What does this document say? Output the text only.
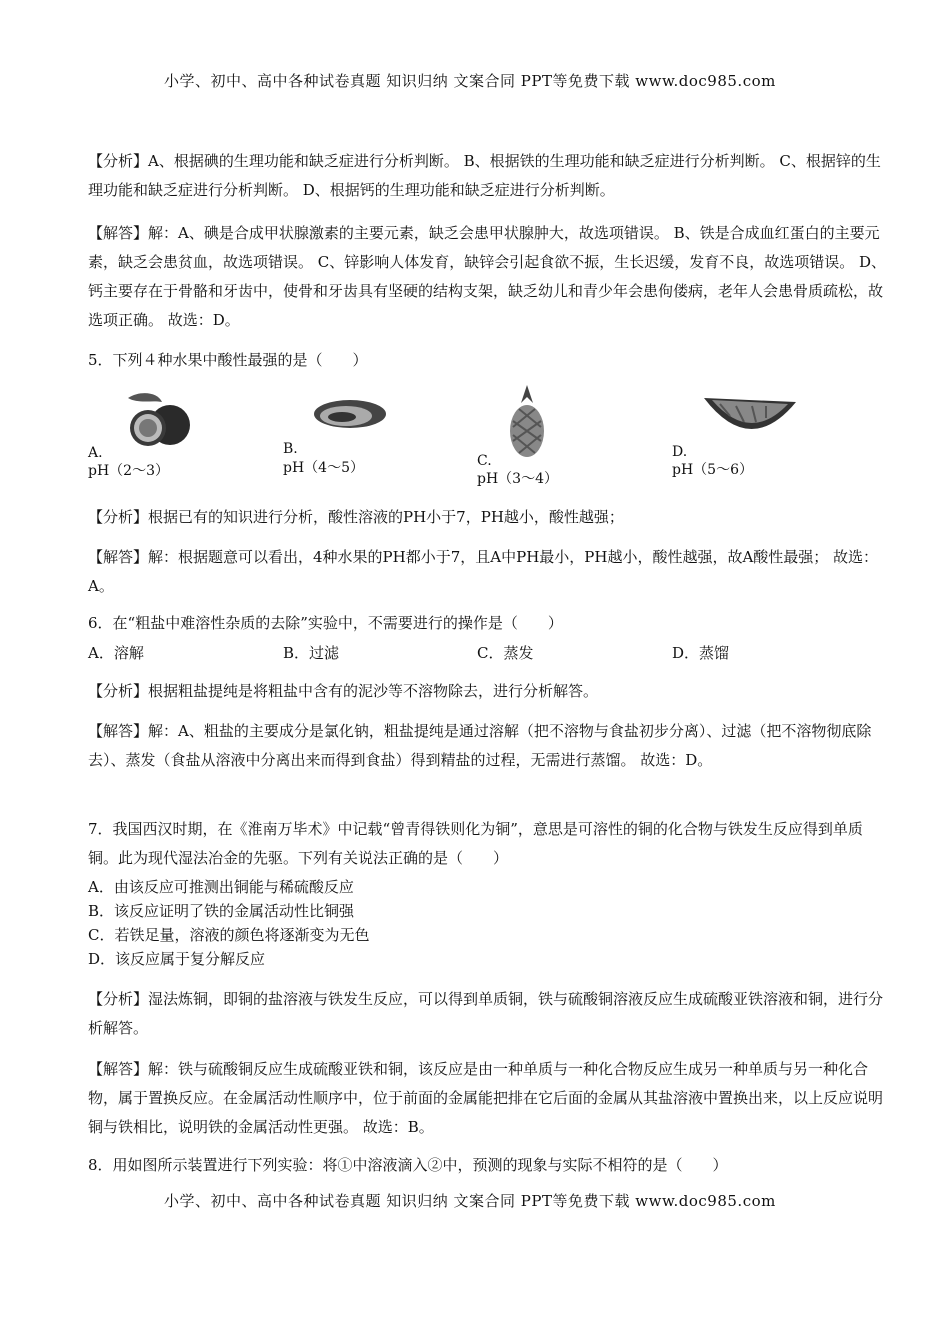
小学、初中、高中各种试卷真题 知识归纳 文案合同 PPT等免费下载 www.doc985.com
小学、初中、高中各种试卷真题 知识归纳 文案合同 PPT等免费下载 www.doc985.com
【分析】A、根据碘的生理功能和缺乏症进行分析判断。 B、根据铁的生理功能和缺乏症进行分析判断。 C、根据锌的生理功能和缺乏症进行分析判断。 D、根据钙的生理功能和缺乏症进行分析判断。
【解答】解：A、碘是合成甲状腺激素的主要元素，缺乏会患甲状腺肿大，故选项错误。 B、铁是合成血红蛋白的主要元素，缺乏会患贫血，故选项错误。 C、锌影响人体发育，缺锌会引起食欲不振，生长迟缓，发育不良，故选项错误。 D、钙主要存在于骨骼和牙齿中，使骨和牙齿具有坚硬的结构支架，缺乏幼儿和青少年会患佝偻病，老年人会患骨质疏松，故选项正确。 故选：D。
5．下列４种水果中酸性最强的是（　　）
A.
pH（2～3）
B.
pH（4～5）	C.
pH（3～4）
D.
pH（5～6）
【分析】根据已有的知识进行分析，酸性溶液的PH小于7，PH越小，酸性越强；
【解答】解：根据题意可以看出，4种水果的PH都小于7，且A中PH最小，PH越小，酸性越强，故A酸性最强； 故选：A。
6．在“粗盐中难溶性杂质的去除”实验中，不需要进行的操作是（　　）
A．溶解	B．过滤	C．蒸发	D．蒸馏
【分析】根据粗盐提纯是将粗盐中含有的泥沙等不溶物除去，进行分析解答。
【解答】解：A、粗盐的主要成分是氯化钠，粗盐提纯是通过溶解（把不溶物与食盐初步分离）、过滤（把不溶物彻底除去）、蒸发（食盐从溶液中分离出来而得到食盐）得到精盐的过程，无需进行蒸馏。 故选：D。
7．我国西汉时期，在《淮南万毕术》中记载“曾青得铁则化为铜”，意思是可溶性的铜的化合物与铁发生反应得到单质铜。此为现代湿法冶金的先驱。下列有关说法正确的是（　　）
A．由该反应可推测出铜能与稀硫酸反应
B．该反应证明了铁的金属活动性比铜强
C．若铁足量，溶液的颜色将逐渐变为无色
D．该反应属于复分解反应
【分析】湿法炼铜，即铜的盐溶液与铁发生反应，可以得到单质铜，铁与硫酸铜溶液反应生成硫酸亚铁溶液和铜，进行分析解答。
【解答】解：铁与硫酸铜反应生成硫酸亚铁和铜，该反应是由一种单质与一种化合物反应生成另一种单质与另一种化合物，属于置换反应。在金属活动性顺序中，位于前面的金属能把排在它后面的金属从其盐溶液中置换出来，以上反应说明铜与铁相比，说明铁的金属活动性更强。 故选：B。
8．用如图所示装置进行下列实验：将①中溶液滴入②中，预测的现象与实际不相符的是（　　）
